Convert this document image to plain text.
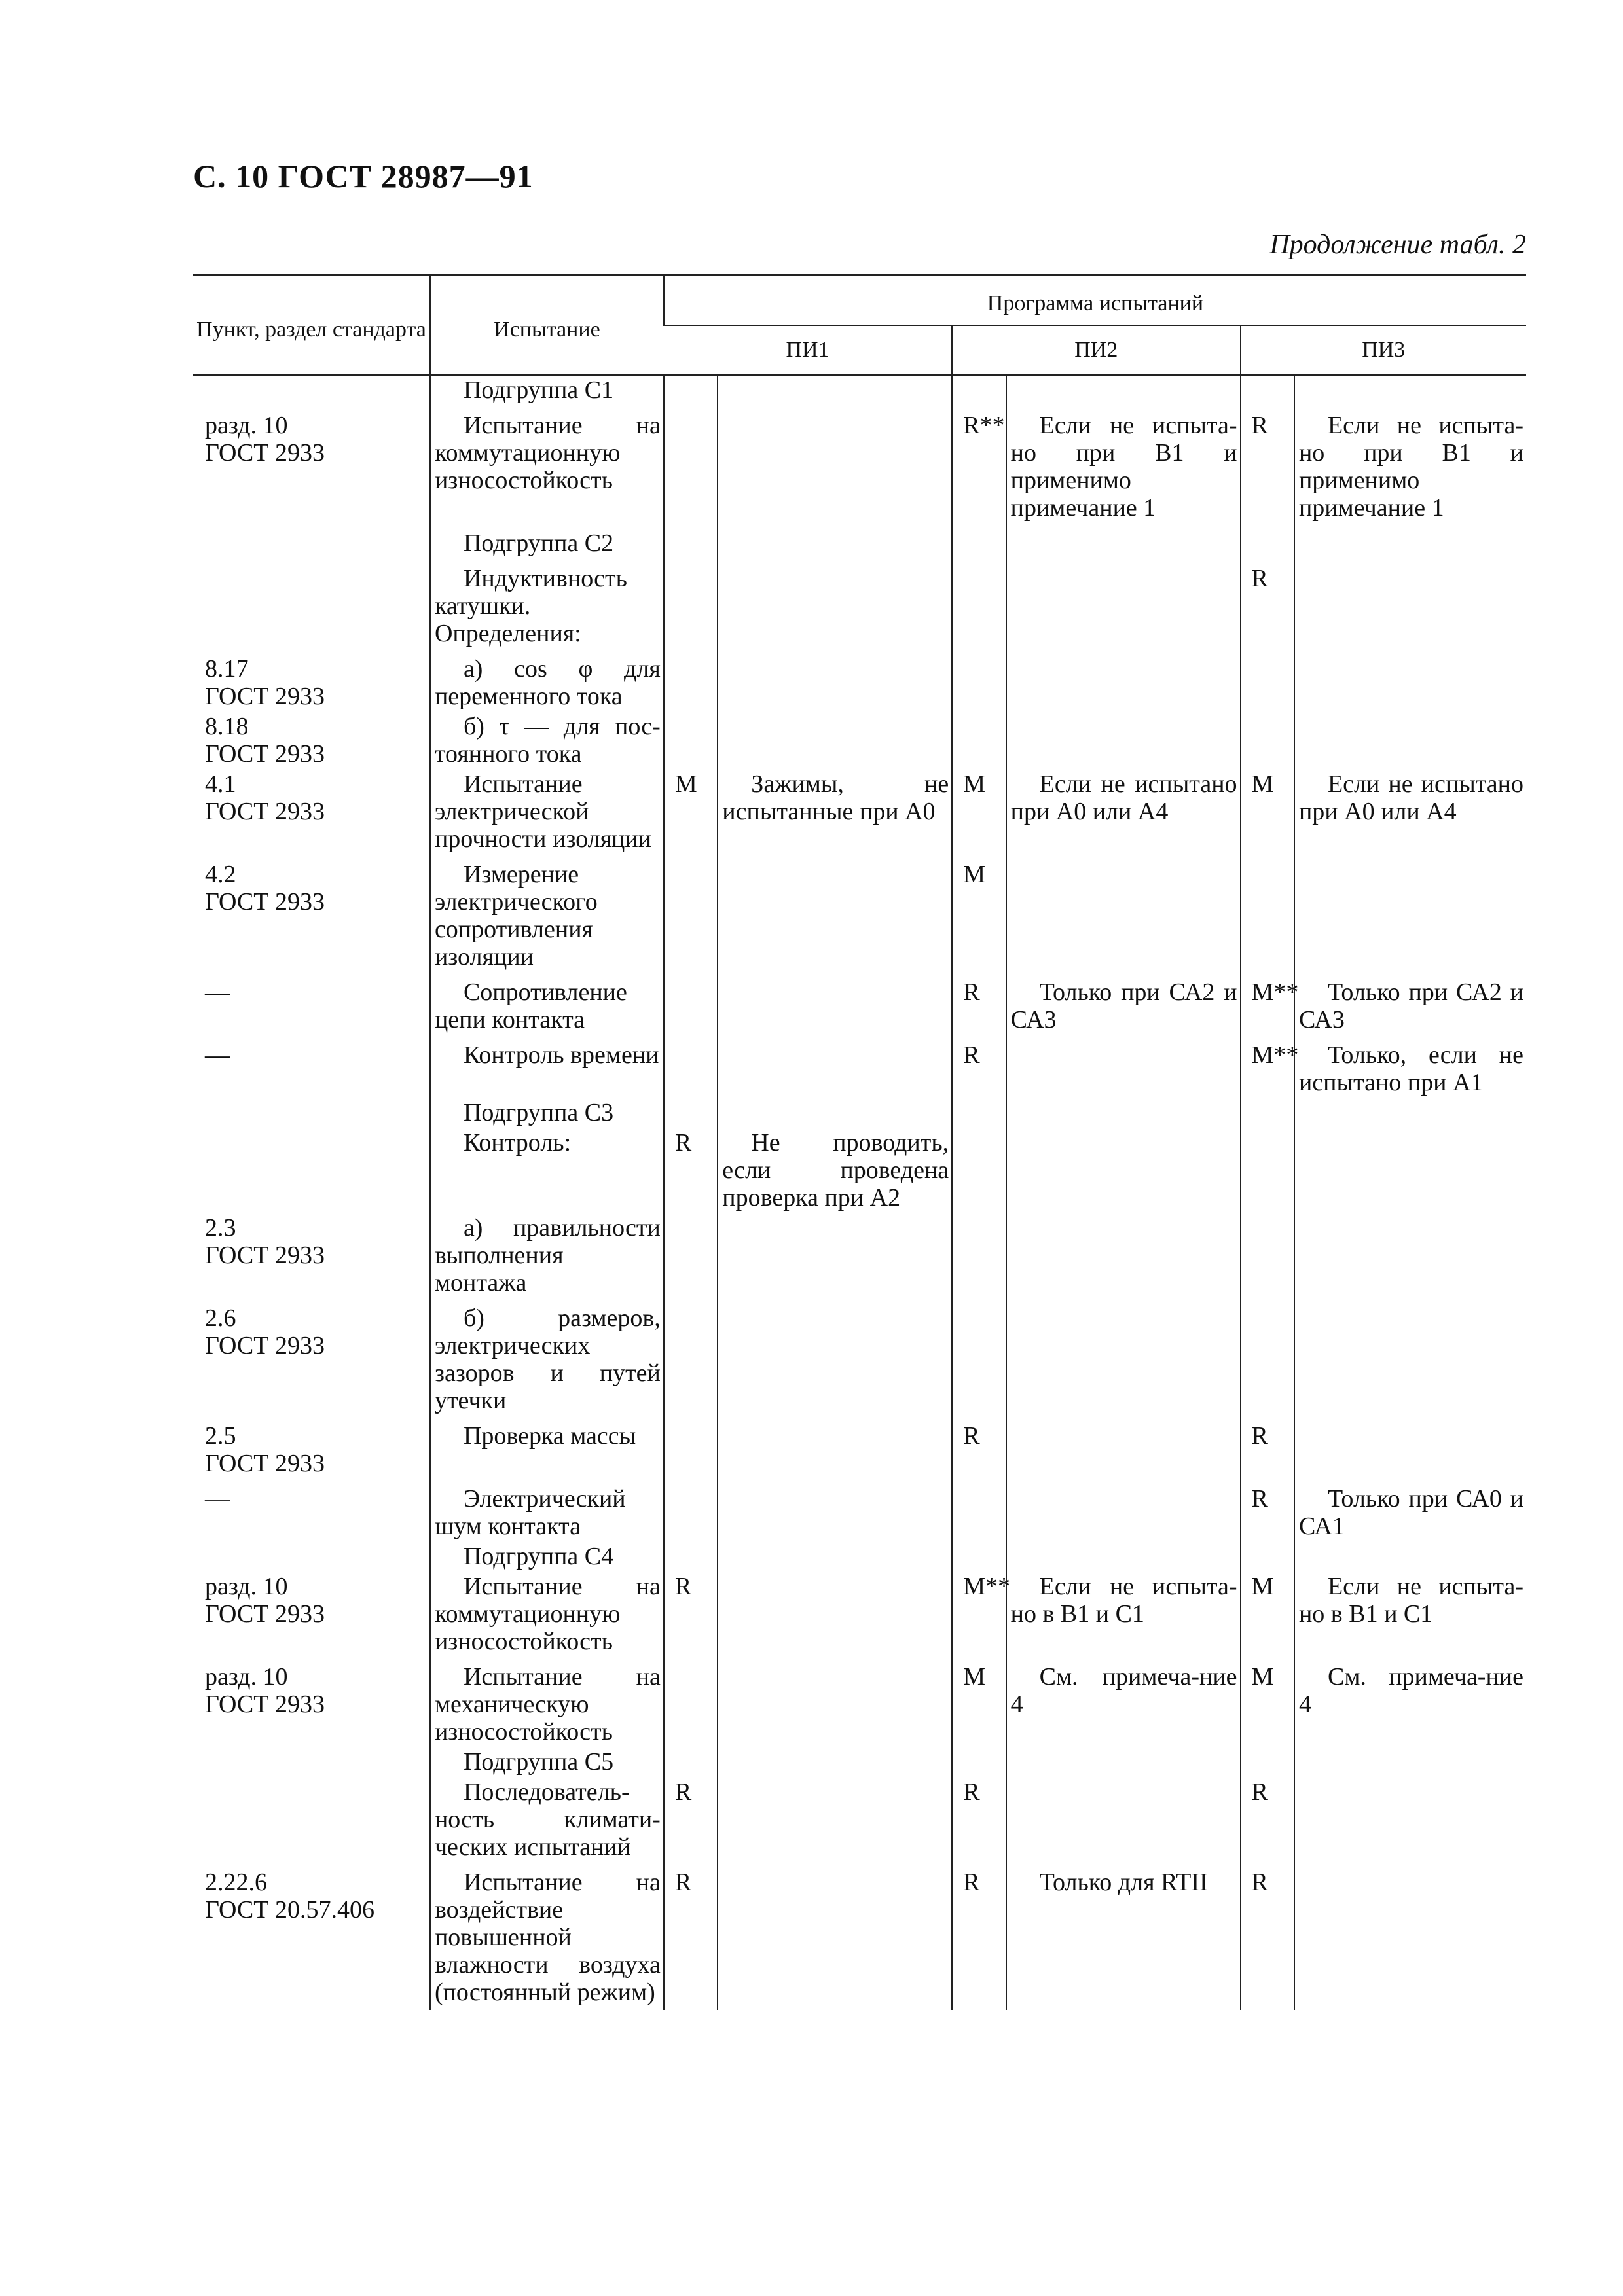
С. 10 ГОСТ 28987—91
Продолжение табл. 2
Пункт, раздел стандарта	Испытание	Программа испытаний					
		ПИ1		ПИ2		ПИ3	

	Подгруппа С1						

разд. 10
ГОСТ 2933	Испытание на коммутационную износостойкость			R**	Если не испыта-но при В1 и применимо примечание 1	R	Если не испыта-но при В1 и применимо примечание 1

	Подгруппа С2						

	Индуктивность катушки. Определения:					R	

8.17
ГОСТ 2933	а) cos φ для переменного тока						

8.18
ГОСТ 2933	б) τ — для пос-тоянного тока						

4.1
ГОСТ 2933	Испытание электрической прочности изоляции	М	Зажимы, не испытанные при А0	М	Если не испытано при А0 или А4	М	Если не испытано при А0 или А4

4.2
ГОСТ 2933	Измерение электрического сопротивления изоляции			М			

—	Сопротивление цепи контакта			R	Только при СА2 и СА3	М**	Только при СА2 и СА3

—	Контроль времени			R		М**	Только, если не испытано при А1

	Подгруппа С3						

	Контроль:	R	Не проводить, если проведена проверка при А2				

2.3
ГОСТ 2933	а) правильности выполнения монтажа						

2.6
ГОСТ 2933	б) размеров, электрических зазоров и путей утечки						

2.5
ГОСТ 2933	Проверка массы			R		R	

—	Электрический шум контакта					R	Только при СА0 и СА1

	Подгруппа С4						

разд. 10
ГОСТ 2933	Испытание на коммутационную износостойкость	R		М**	Если не испыта-но в В1 и С1	М	Если не испыта-но в В1 и С1

разд. 10
ГОСТ 2933	Испытание на механическую износостойкость			М	См. примеча-ние 4	М	См. примеча-ние 4

	Подгруппа С5						

	Последователь-ность климати-ческих испытаний	R		R		R	

2.22.6
ГОСТ 20.57.406	Испытание на воздействие повышенной влажности воздуха (постоянный режим)	R		R	Только для RTII	R	
